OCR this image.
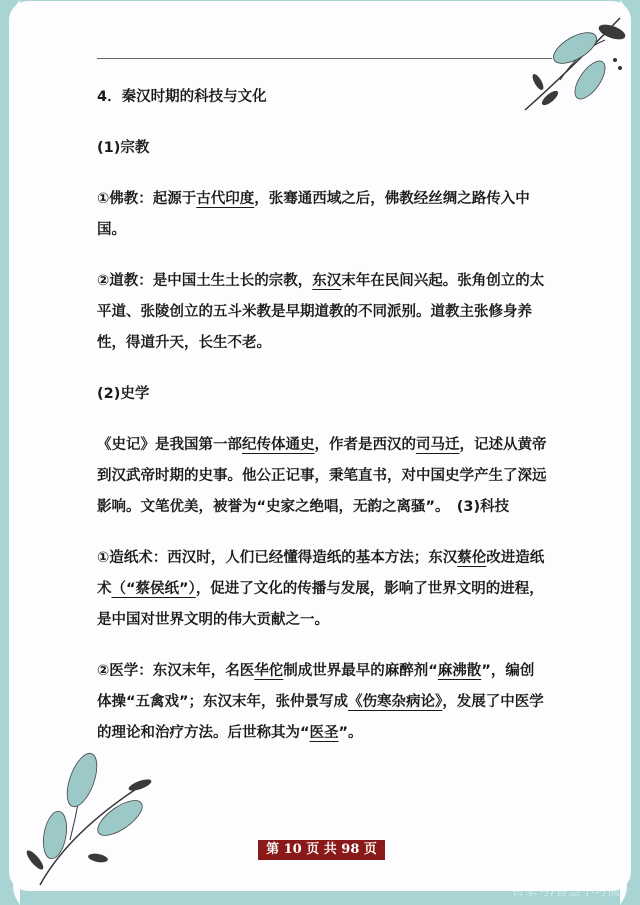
4．秦汉时期的科技与文化

(1)宗教

①佛教：起源于古代印度，张骞通西域之后，佛教经丝绸之路传入中国。

②道教：是中国土生土长的宗教，东汉末年在民间兴起。张角创立的太平道、张陵创立的五斗米教是早期道教的不同派别。道教主张修身养性，得道升天，长生不老。

(2)史学

《史记》是我国第一部纪传体通史，作者是西汉的司马迁，记述从黄帝到汉武帝时期的史事。他公正记事，秉笔直书，对中国史学产生了深远影响。文笔优美，被誉为“史家之绝唱，无韵之离骚”。　(3)科技

①造纸术：西汉时，人们已经懂得造纸的基本方法；东汉蔡伦改进造纸术（“蔡侯纸”），促进了文化的传播与发展，影响了世界文明的进程，是中国对世界文明的伟大贡献之一。

②医学：东汉末年，名医华佗制成世界最早的麻醉剂“麻沸散”，编创体操“五禽戏”；东汉末年，张仲景写成《伤寒杂病论》，发展了中医学的理论和治疗方法。后世称其为“医圣”。

第 10 页 共 98 页
百家号/智慧小习惯
